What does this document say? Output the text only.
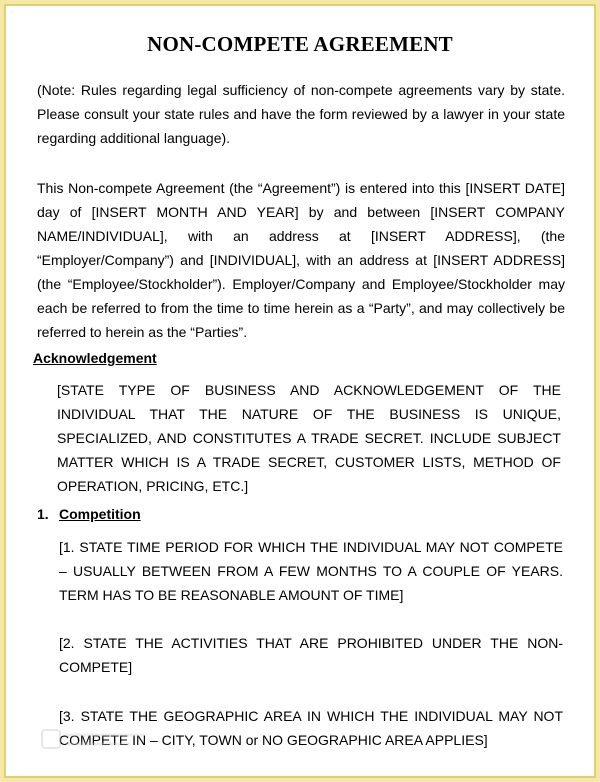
NON-COMPETE AGREEMENT

(Note: Rules regarding legal sufficiency of non-compete agreements vary by state. Please consult your state rules and have the form reviewed by a lawyer in your state regarding additional language).

This Non-compete Agreement (the “Agreement”) is entered into this [INSERT DATE] day of [INSERT MONTH AND YEAR] by and between [INSERT COMPANY NAME/INDIVIDUAL], with an address at [INSERT ADDRESS], (the “Employer/Company”) and [INDIVIDUAL], with an address at [INSERT ADDRESS] (the “Employee/Stockholder”). Employer/Company and Employee/Stockholder may each be referred to from the time to time herein as a “Party”, and may collectively be referred to herein as the “Parties”.

Acknowledgement

[STATE TYPE OF BUSINESS AND ACKNOWLEDGEMENT OF THE INDIVIDUAL THAT THE NATURE OF THE BUSINESS IS UNIQUE, SPECIALIZED, AND CONSTITUTES A TRADE SECRET. INCLUDE SUBJECT MATTER WHICH IS A TRADE SECRET, CUSTOMER LISTS, METHOD OF OPERATION, PRICING, ETC.]

1. Competition

[1. STATE TIME PERIOD FOR WHICH THE INDIVIDUAL MAY NOT COMPETE – USUALLY BETWEEN FROM A FEW MONTHS TO A COUPLE OF YEARS. TERM HAS TO BE REASONABLE AMOUNT OF TIME]

[2. STATE THE ACTIVITIES THAT ARE PROHIBITED UNDER THE NON-COMPETE]

[3. STATE THE GEOGRAPHIC AREA IN WHICH THE INDIVIDUAL MAY NOT COMPETE IN – CITY, TOWN or NO GEOGRAPHIC AREA APPLIES]
